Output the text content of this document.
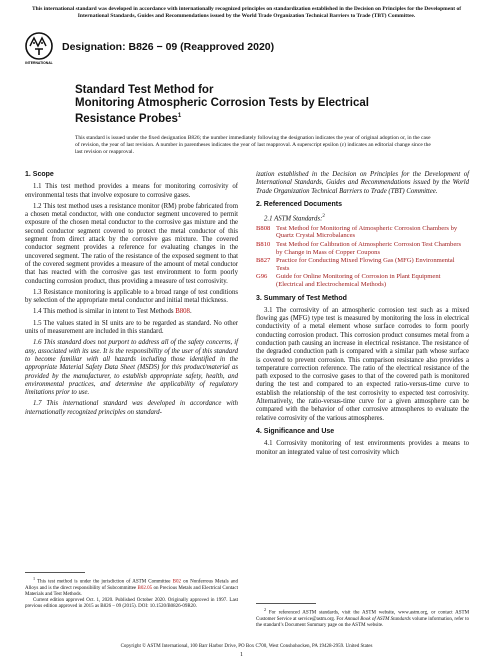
This international standard was developed in accordance with internationally recognized principles on standardization established in the Decision on Principles for the Development of International Standards, Guides and Recommendations issued by the World Trade Organization Technical Barriers to Trade (TBT) Committee.
INTERNATIONAL
Designation: B826 − 09 (Reapproved 2020)
Standard Test Method for
Monitoring Atmospheric Corrosion Tests by Electrical Resistance Probes$^1$
This standard is issued under the fixed designation B826; the number immediately following the designation indicates the year of original adoption or, in the case of revision, the year of last revision. A number in parentheses indicates the year of last reapproval. A superscript epsilon (ε) indicates an editorial change since the last revision or reapproval.
1. Scope

1.1 This test method provides a means for monitoring corrosivity of environmental tests that involve exposure to corrosive gases.

1.2 This test method uses a resistance monitor (RM) probe fabricated from a chosen metal conductor, with one conductor segment uncovered to permit exposure of the chosen metal conductor to the corrosive gas mixture and the second conductor segment covered to protect the metal conductor of this segment from direct attack by the corrosive gas mixture. The covered conductor segment provides a reference for evaluating changes in the uncovered segment. The ratio of the resistance of the exposed segment to that of the covered segment provides a measure of the amount of metal conductor that has reacted with the corrosive gas test environment to form poorly conducting corrosion product, thus providing a measure of test corrosivity.

1.3 Resistance monitoring is applicable to a broad range of test conditions by selection of the appropriate metal conductor and initial metal thickness.

1.4 This method is similar in intent to Test Methods B808.

1.5 The values stated in SI units are to be regarded as standard. No other units of measurement are included in this standard.

1.6 This standard does not purport to address all of the safety concerns, if any, associated with its use. It is the responsibility of the user of this standard to become familiar with all hazards including those identified in the appropriate Material Safety Data Sheet (MSDS) for this product/material as provided by the manufacturer, to establish appropriate safety, health, and environmental practices, and determine the applicability of regulatory limitations prior to use.

1.7 This international standard was developed in accordance with internationally recognized principles on standard-

$^1$ This test method is under the jurisdiction of ASTM Committee B02 on Nonferrous Metals and Alloys and is the direct responsibility of Subcommittee B02.05 on Precious Metals and Electrical Contact Materials and Test Methods.
Current edition approved Oct. 1, 2020. Published October 2020. Originally approved in 1997. Last previous edition approved in 2015 as B826 – 09 (2015). DOI: 10.1520/B0826-09R20.

ization established in the Decision on Principles for the Development of International Standards, Guides and Recommendations issued by the World Trade Organization Technical Barriers to Trade (TBT) Committee.

2. Referenced Documents

2.1 ASTM Standards:$^2$

B808 Test Method for Monitoring of Atmospheric Corrosion Chambers by Quartz Crystal Microbalances
B810 Test Method for Calibration of Atmospheric Corrosion Test Chambers by Change in Mass of Copper Coupons
B827 Practice for Conducting Mixed Flowing Gas (MFG) Environmental Tests
G96	Guide for Online Monitoring of Corrosion in Plant Equipment (Electrical and Electrochemical Methods)
3. Summary of Test Method

3.1 The corrosivity of an atmospheric corrosion test such as a mixed flowing gas (MFG) type test is measured by monitoring the loss in electrical conductivity of a metal element whose surface corrodes to form poorly conducting corrosion product. This corrosion product consumes metal from a conduction path causing an increase in electrical resistance. The resistance of the degraded conduction path is compared with a similar path whose surface is covered to prevent corrosion. This comparison resistance also provides a temperature correction reference. The ratio of the electrical resistance of the path exposed to the corrosive gases to that of the covered path is monitored during the test and compared to an expected ratio-versus-time curve to establish the relationship of the test corrosivity to expected test corrosivity. Alternatively, the ratio-versus-time curve for a given atmosphere can be compared with the behavior of other corrosive atmospheres to evaluate the relative corrosivity of the various atmospheres.

4. Significance and Use

4.1 Corrosivity monitoring of test environments provides a means to monitor an integrated value of test corrosivity which

$^2$ For referenced ASTM standards, visit the ASTM website, www.astm.org, or contact ASTM Customer Service at service@astm.org. For Annual Book of ASTM Standards volume information, refer to the standard’s Document Summary page on the ASTM website.
Copyright © ASTM International, 100 Barr Harbor Drive, PO Box C700, West Conshohocken, PA 19428-2959. United States
1
